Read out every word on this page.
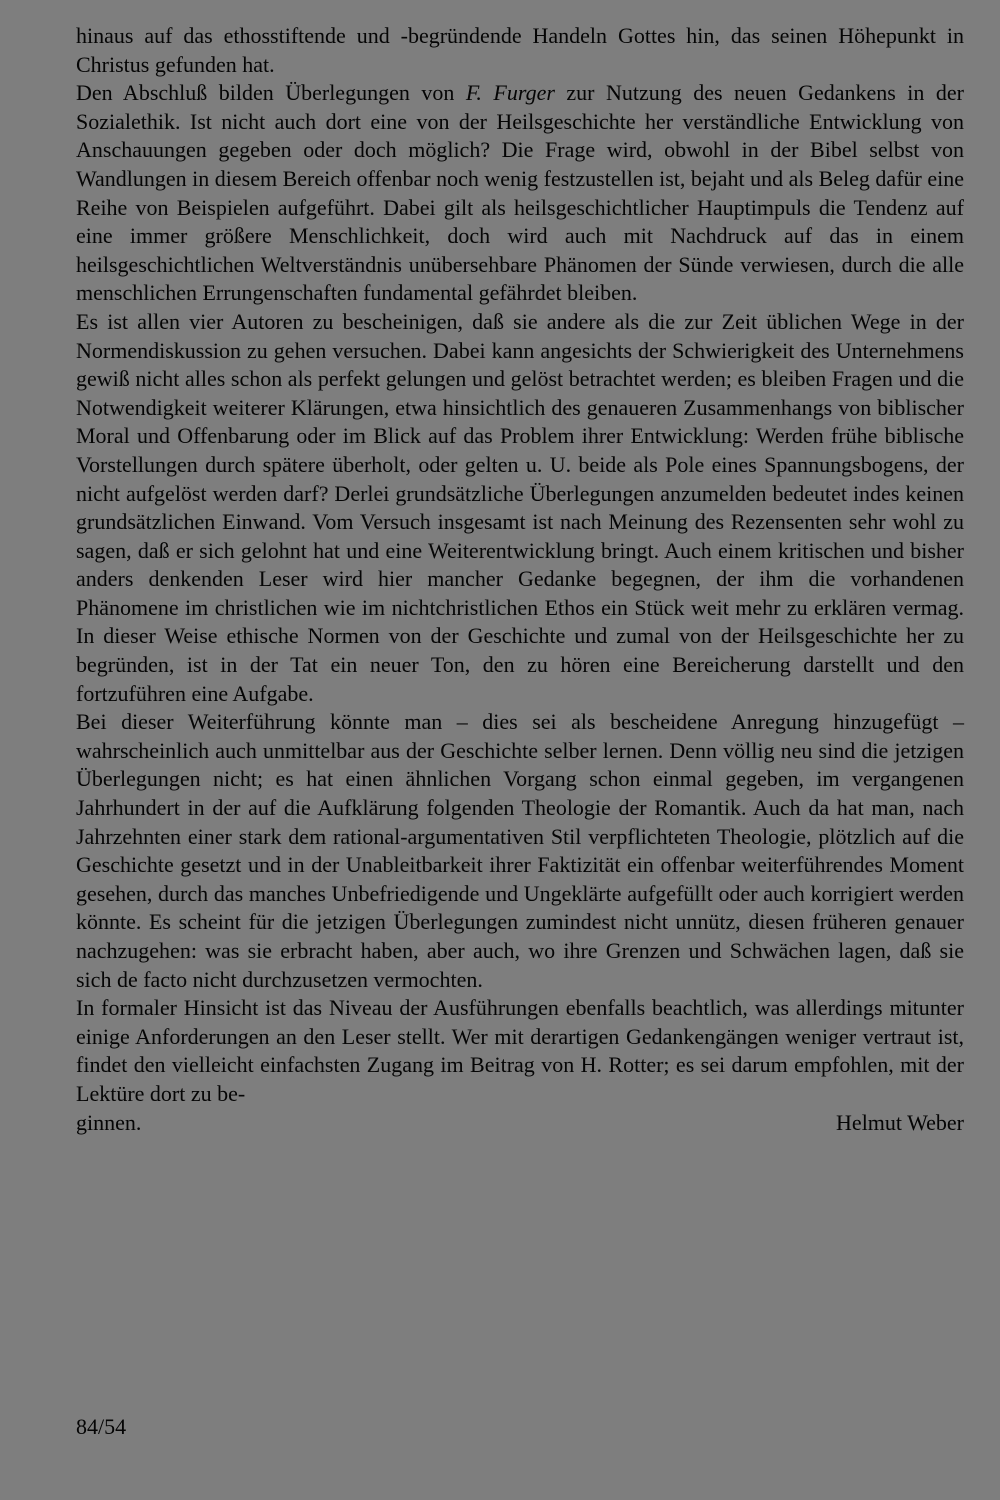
hinaus auf das ethosstiftende und -begründende Handeln Gottes hin, das seinen Höhepunkt in Christus gefunden hat.

Den Abschluß bilden Überlegungen von F. Furger zur Nutzung des neuen Gedankens in der Sozialethik. Ist nicht auch dort eine von der Heilsgeschichte her verständliche Entwicklung von Anschauungen gegeben oder doch möglich? Die Frage wird, obwohl in der Bibel selbst von Wandlungen in diesem Bereich offenbar noch wenig festzustellen ist, bejaht und als Beleg dafür eine Reihe von Beispielen aufgeführt. Dabei gilt als heilsgeschichtlicher Hauptimpuls die Tendenz auf eine immer größere Menschlichkeit, doch wird auch mit Nachdruck auf das in einem heilsgeschichtlichen Weltverständnis unübersehbare Phänomen der Sünde verwiesen, durch die alle menschlichen Errungenschaften fundamental gefährdet bleiben.

Es ist allen vier Autoren zu bescheinigen, daß sie andere als die zur Zeit üblichen Wege in der Normendiskussion zu gehen versuchen. Dabei kann angesichts der Schwierigkeit des Unternehmens gewiß nicht alles schon als perfekt gelungen und gelöst betrachtet werden; es bleiben Fragen und die Notwendigkeit weiterer Klärungen, etwa hinsichtlich des genaueren Zusammenhangs von biblischer Moral und Offenbarung oder im Blick auf das Problem ihrer Entwicklung: Werden frühe biblische Vorstellungen durch spätere überholt, oder gelten u. U. beide als Pole eines Spannungsbogens, der nicht aufgelöst werden darf? Derlei grundsätzliche Überlegungen anzumelden bedeutet indes keinen grundsätzlichen Einwand. Vom Versuch insgesamt ist nach Meinung des Rezensenten sehr wohl zu sagen, daß er sich gelohnt hat und eine Weiterentwicklung bringt. Auch einem kritischen und bisher anders denkenden Leser wird hier mancher Gedanke begegnen, der ihm die vorhandenen Phänomene im christlichen wie im nichtchristlichen Ethos ein Stück weit mehr zu erklären vermag. In dieser Weise ethische Normen von der Geschichte und zumal von der Heilsgeschichte her zu begründen, ist in der Tat ein neuer Ton, den zu hören eine Bereicherung darstellt und den fortzuführen eine Aufgabe.

Bei dieser Weiterführung könnte man – dies sei als bescheidene Anregung hinzugefügt – wahrscheinlich auch unmittelbar aus der Geschichte selber lernen. Denn völlig neu sind die jetzigen Überlegungen nicht; es hat einen ähnlichen Vorgang schon einmal gegeben, im vergangenen Jahrhundert in der auf die Aufklärung folgenden Theologie der Romantik. Auch da hat man, nach Jahrzehnten einer stark dem rational-argumentativen Stil verpflichteten Theologie, plötzlich auf die Geschichte gesetzt und in der Unableitbarkeit ihrer Faktizität ein offenbar weiterführendes Moment gesehen, durch das manches Unbefriedigende und Ungeklärte aufgefüllt oder auch korrigiert werden könnte. Es scheint für die jetzigen Überlegungen zumindest nicht unnütz, diesen früheren genauer nachzugehen: was sie erbracht haben, aber auch, wo ihre Grenzen und Schwächen lagen, daß sie sich de facto nicht durchzusetzen vermochten.

In formaler Hinsicht ist das Niveau der Ausführungen ebenfalls beachtlich, was allerdings mitunter einige Anforderungen an den Leser stellt. Wer mit derartigen Gedankengängen weniger vertraut ist, findet den vielleicht einfachsten Zugang im Beitrag von H. Rotter; es sei darum empfohlen, mit der Lektüre dort zu be-

ginnen.	Helmut Weber
84/54
